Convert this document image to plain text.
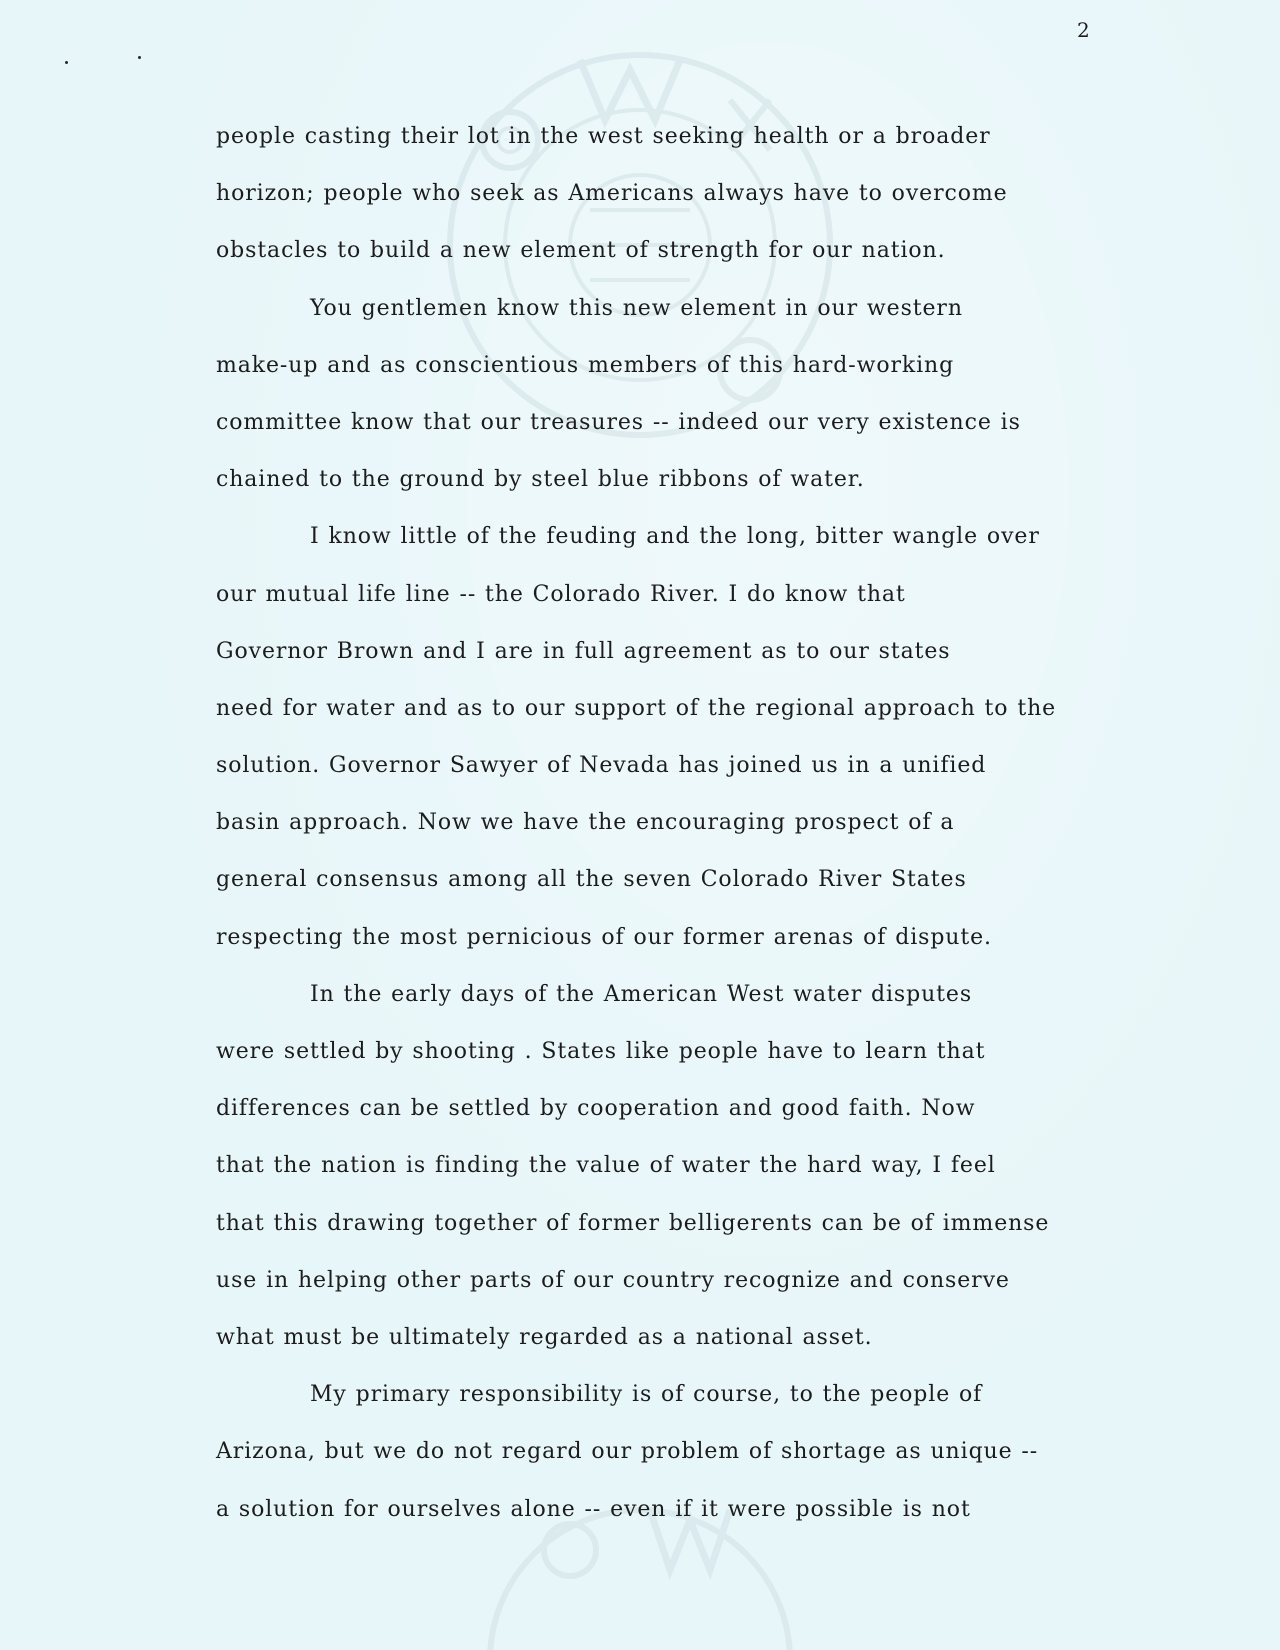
2
people casting their lot in the west seeking health or a broader
horizon; people who seek as Americans always have to overcome
obstacles to build a new element of strength for our nation.
You gentlemen know this new element in our western
make-up and as conscientious members of this hard-working
committee know that our treasures -- indeed our very existence is
chained to the ground by steel blue ribbons of water.
I know little of the feuding and the long, bitter wangle over
our mutual life line -- the Colorado River. I do know that
Governor Brown and I are in full agreement as to our states
need for water and as to our support of the regional approach to the
solution. Governor Sawyer of Nevada has joined us in a unified
basin approach. Now we have the encouraging prospect of a
general consensus among all the seven Colorado River States
respecting the most pernicious of our former arenas of dispute.
In the early days of the American West water disputes
were settled by shooting . States like people have to learn that
differences can be settled by cooperation and good faith. Now
that the nation is finding the value of water the hard way, I feel
that this drawing together of former belligerents can be of immense
use in helping other parts of our country recognize and conserve
what must be ultimately regarded as a national asset.
My primary responsibility is of course, to the people of
Arizona, but we do not regard our problem of shortage as unique --
a solution for ourselves alone -- even if it were possible is not
